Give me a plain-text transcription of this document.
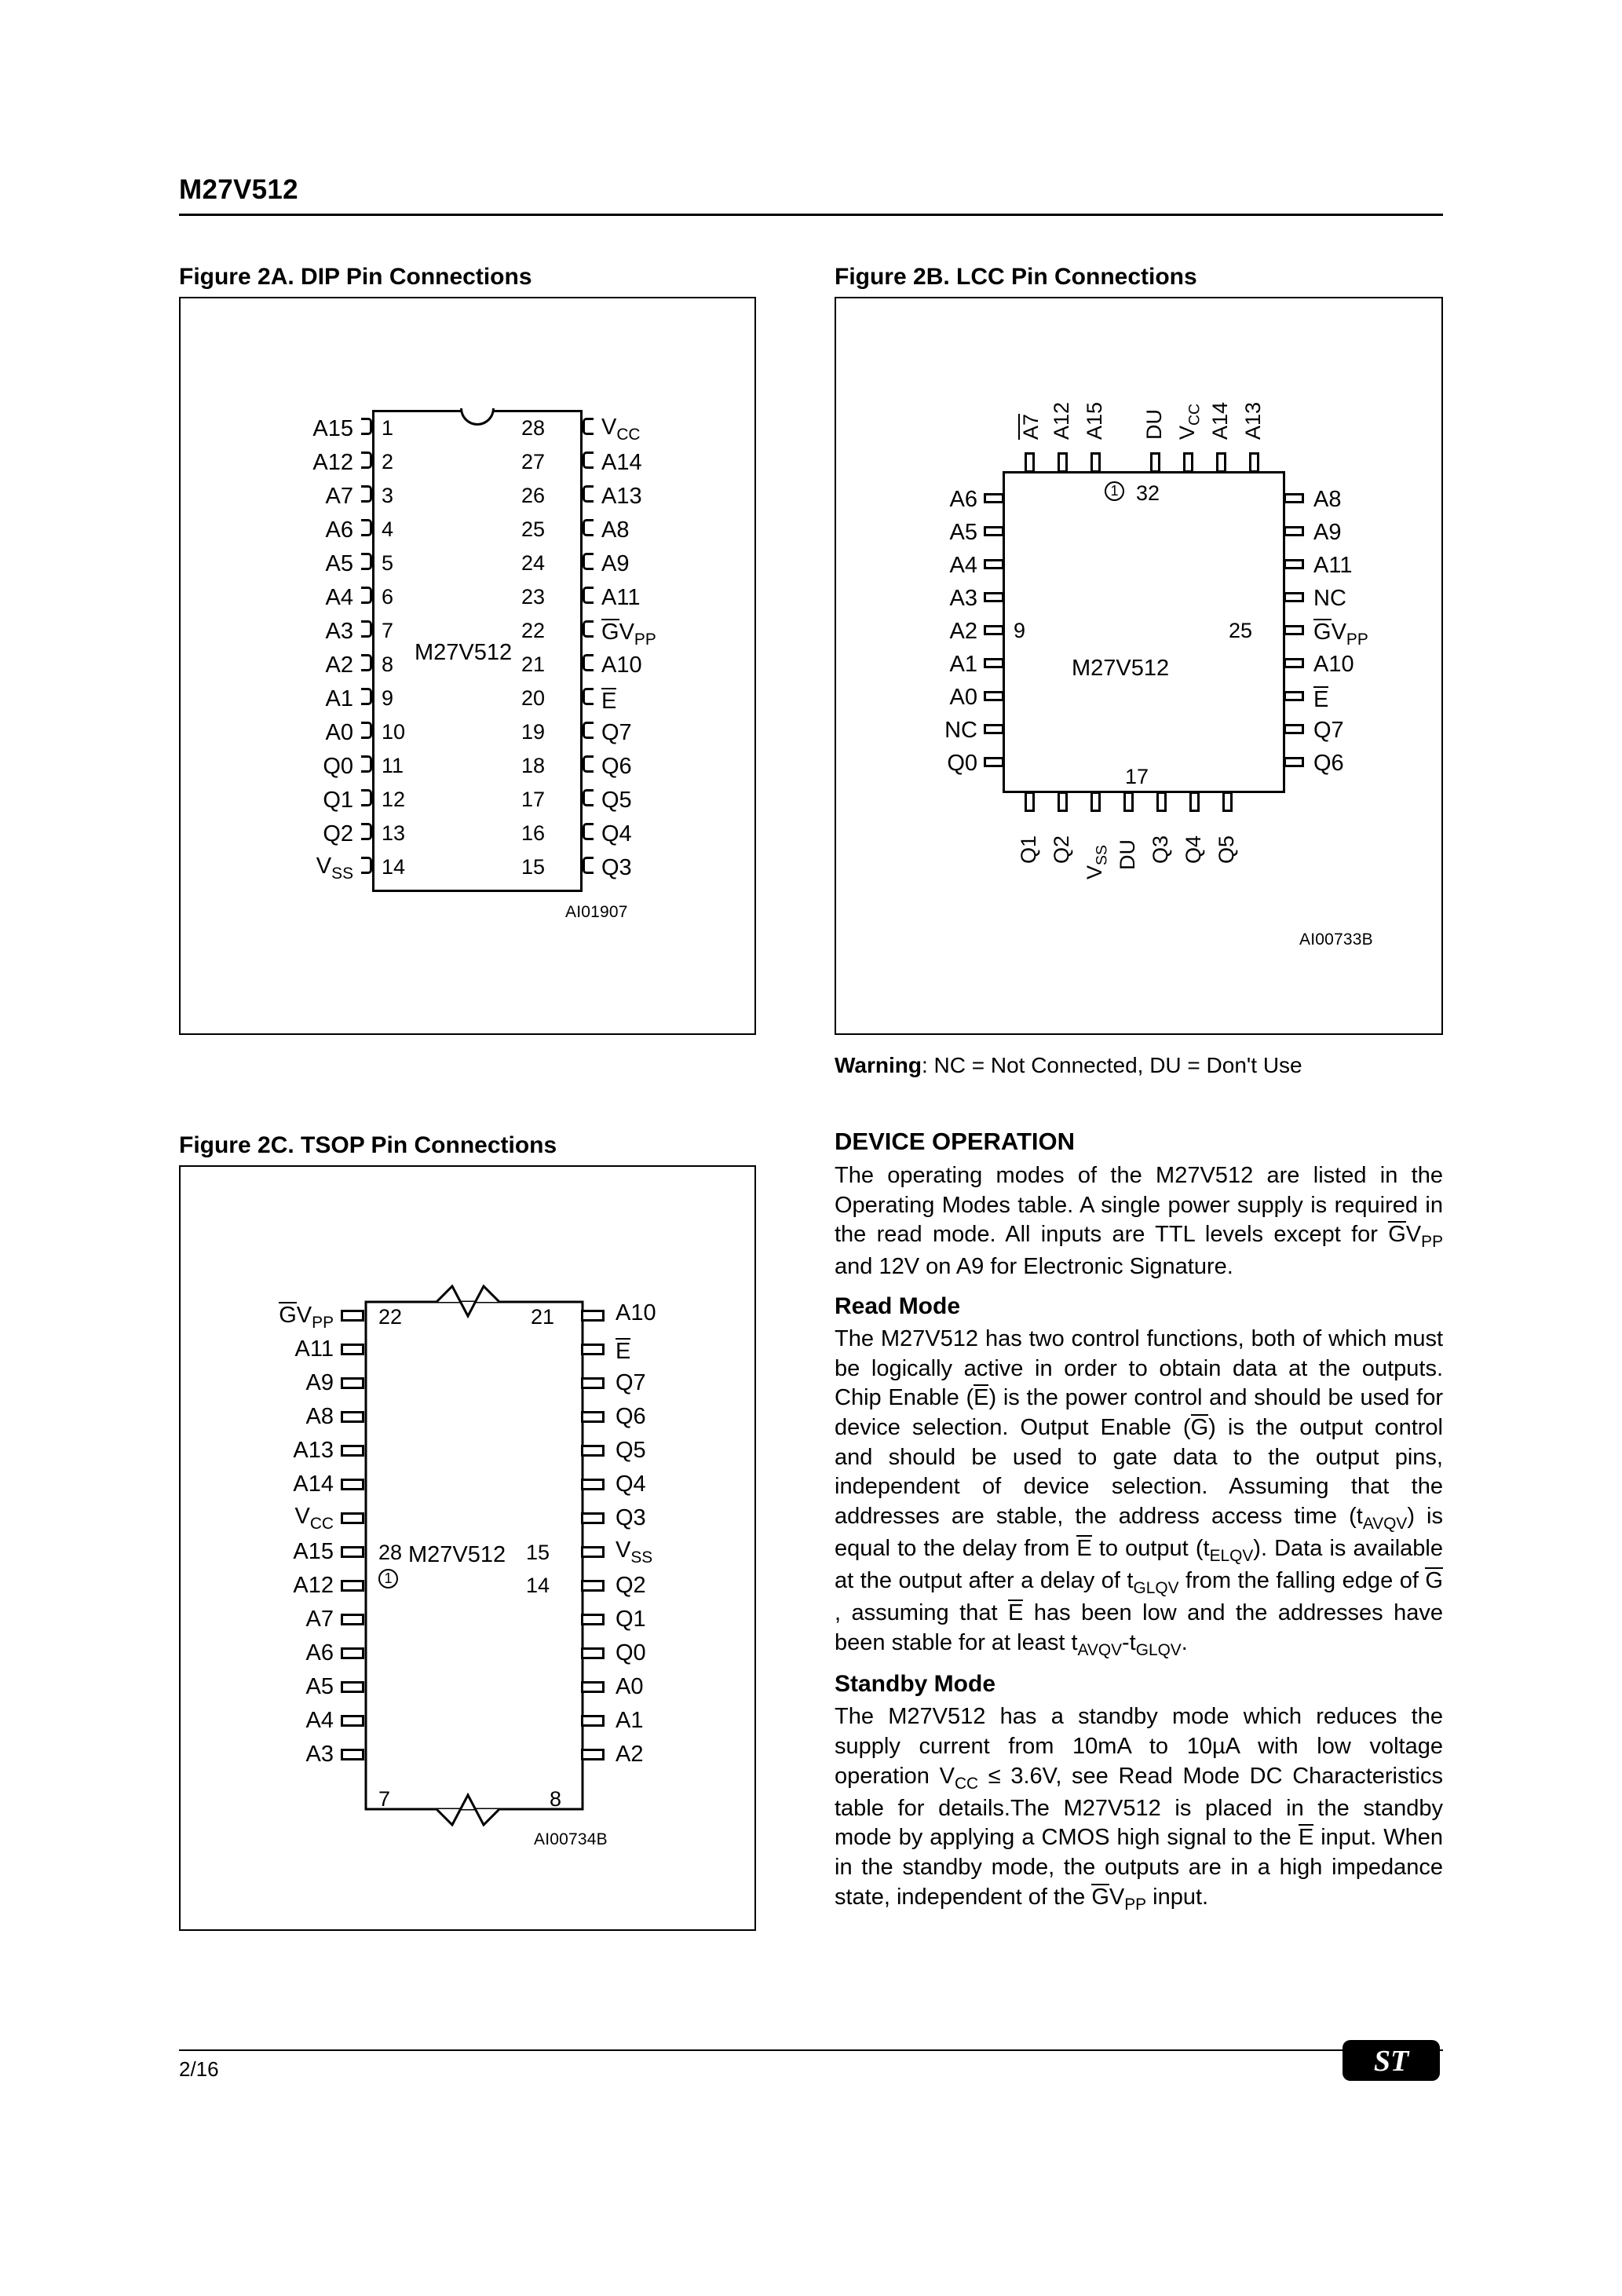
M27V512
Figure 2A. DIP Pin Connections
M27V512
A15 1
A12 2
A7 3
A6 4
A5 5
A4 6
A3 7
A2 8
A1 9
A0 10
Q0 11
Q1 12
Q2 13
$V_{SS}$ 14
28 $V_{CC}$
27 A14
26 A13
25 A8
24 A9
23 A11
22 $GV_{PP}$
21 A10
20 E
19 Q7
18 Q6
17 Q5
16 Q4
15 Q3
AI01907
Figure 2B. LCC Pin Connections
M27V512
1 32
A7 A12 A15 DU $V_{CC}$ A14 A13
A6
A5
A4
A3
A2 9
A1
A0
NC
Q0
A8
A9
A11
NC
25	$GV_{PP}$
A10
E
Q7
Q6
17
Q1 Q2
$V_{SS}$ DU Q3 Q4 Q5
AI00733B
Warning: NC = Not Connected, DU = Don't Use
Figure 2C. TSOP Pin Connections
M27V512
22	21
7	8
28
1
15
14
$GV_{PP}$
A11
A9
A8
A13
A14
$V_{CC}$
A15
A12
A7
A6
A5
A4
A3
A10
E
Q7
Q6
Q5
Q4
Q3
$V_{SS}$
Q2
Q1
Q0
A0
A1
A2
AI00734B
DEVICE OPERATION

The operating modes of the M27V512 are listed in the Operating Modes table. A single power supply is required in the read mode. All inputs are TTL levels except for $GV_{PP}$ and 12V on A9 for Electronic Signature.

Read Mode

The M27V512 has two control functions, both of which must be logically active in order to obtain data at the outputs. Chip Enable (E) is the power control and should be used for device selection. Output Enable (G) is the output control and should be used to gate data to the output pins, independent of device selection. Assuming that the addresses are stable, the address access time $(t_{AVQV})$ is equal to the delay from E to output $(t_{ELQV})$. Data is available at the output after a delay of $t_{GLQV}$ from the falling edge of G, assuming that E has been low and the addresses have been stable for at least $t_{AVQV}-t_{GLQV}$.

Standby Mode

The M27V512 has a standby mode which reduces the supply current from 10mA to 10µA with low voltage operation $V_{CC} \le 3.6V$, see Read Mode DC Characteristics table for details.The M27V512 is placed in the standby mode by applying a CMOS high signal to the E input. When in the standby mode, the outputs are in a high impedance state, independent of the $GV_{PP}$ input.

2/16	ST
